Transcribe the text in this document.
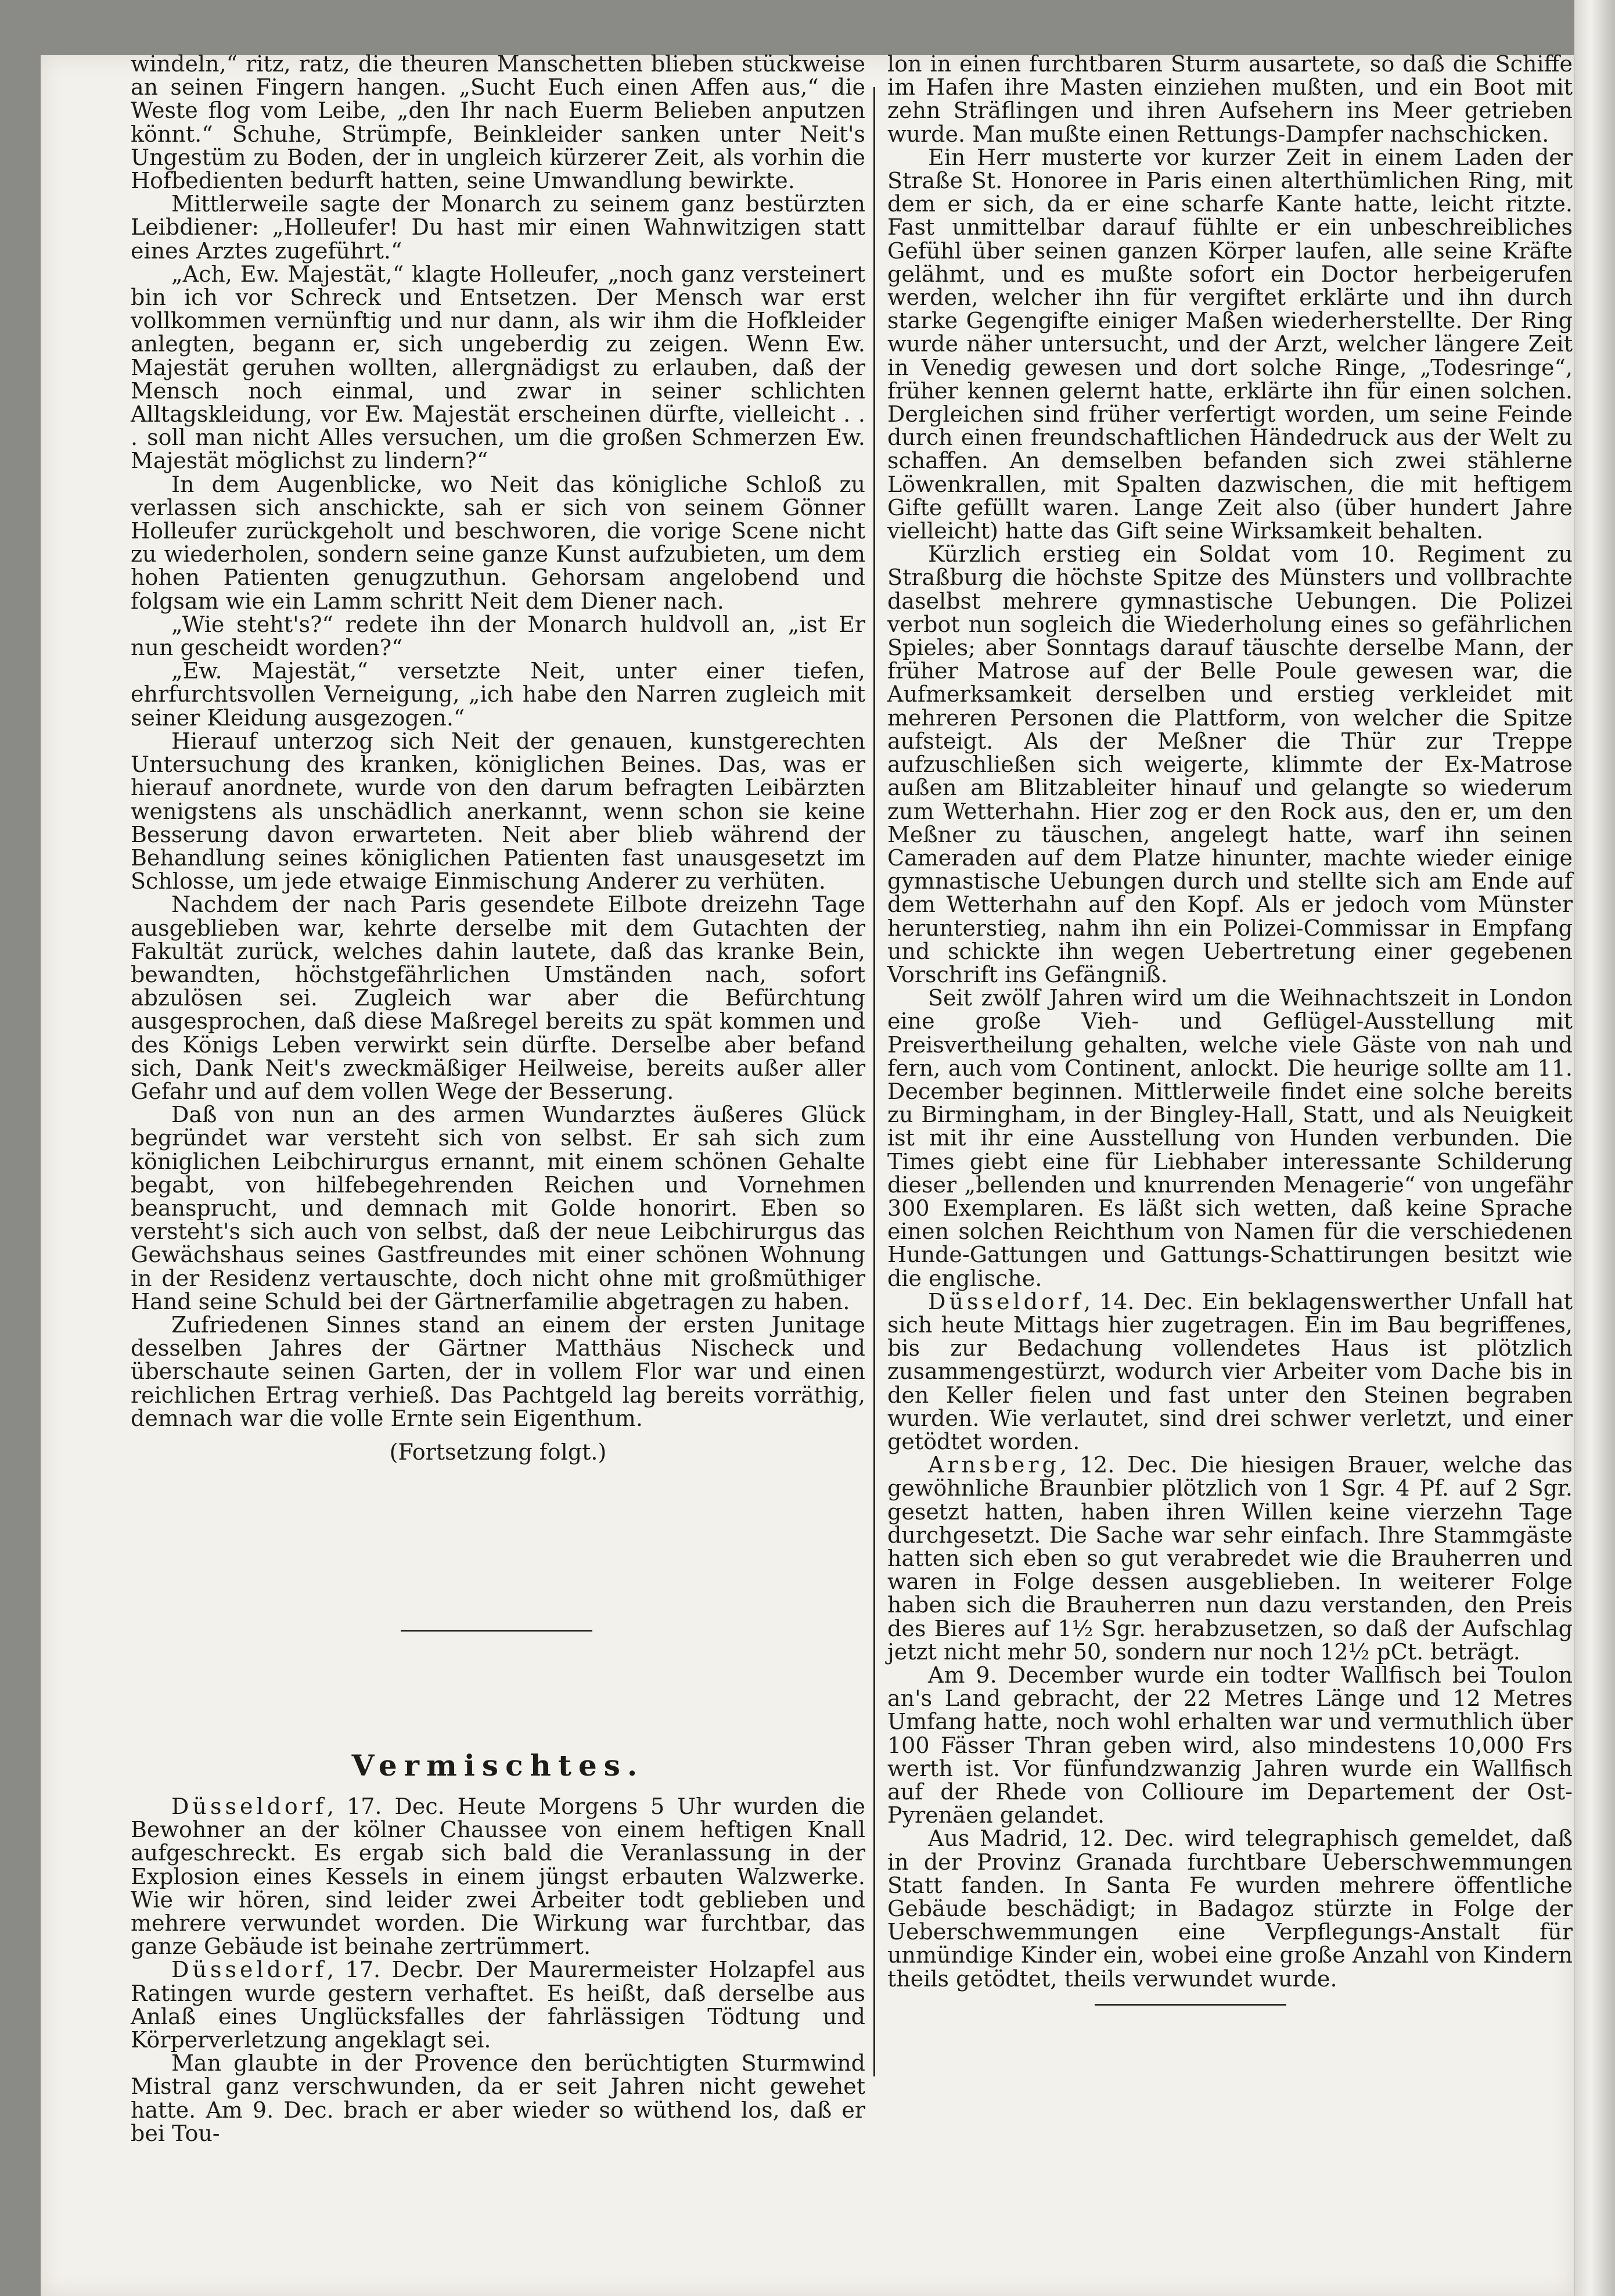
windeln,“ ritz, ratz, die theuren Manschetten blieben stückweise an seinen Fingern hangen. „Sucht Euch einen Affen aus,“ die Weste flog vom Leibe, „den Ihr nach Euerm Belieben anputzen könnt.“ Schuhe, Strümpfe, Beinkleider sanken unter Neit's Ungestüm zu Boden, der in ungleich kürzerer Zeit, als vorhin die Hofbedienten bedurft hatten, seine Umwandlung bewirkte.

Mittlerweile sagte der Monarch zu seinem ganz bestürzten Leibdiener: „Holleufer! Du hast mir einen Wahnwitzigen statt eines Arztes zugeführt.“

„Ach, Ew. Majestät,“ klagte Holleufer, „noch ganz versteinert bin ich vor Schreck und Entsetzen. Der Mensch war erst vollkommen vernünftig und nur dann, als wir ihm die Hofkleider anlegten, begann er, sich ungeberdig zu zeigen. Wenn Ew. Majestät geruhen wollten, allergnädigst zu erlauben, daß der Mensch noch einmal, und zwar in seiner schlichten Alltagskleidung, vor Ew. Majestät erscheinen dürfte, vielleicht . . . soll man nicht Alles versuchen, um die großen Schmerzen Ew. Majestät möglichst zu lindern?“

In dem Augenblicke, wo Neit das königliche Schloß zu verlassen sich anschickte, sah er sich von seinem Gönner Holleufer zurückgeholt und beschworen, die vorige Scene nicht zu wiederholen, sondern seine ganze Kunst aufzubieten, um dem hohen Patienten genugzuthun. Gehorsam angelobend und folgsam wie ein Lamm schritt Neit dem Diener nach.

„Wie steht's?“ redete ihn der Monarch huldvoll an, „ist Er nun gescheidt worden?“

„Ew. Majestät,“ versetzte Neit, unter einer tiefen, ehrfurchtsvollen Verneigung, „ich habe den Narren zugleich mit seiner Kleidung ausgezogen.“

Hierauf unterzog sich Neit der genauen, kunstgerechten Untersuchung des kranken, königlichen Beines. Das, was er hierauf anordnete, wurde von den darum befragten Leibärzten wenigstens als unschädlich anerkannt, wenn schon sie keine Besserung davon erwarteten. Neit aber blieb während der Behandlung seines königlichen Patienten fast unausgesetzt im Schlosse, um jede etwaige Einmischung Anderer zu verhüten.

Nachdem der nach Paris gesendete Eilbote dreizehn Tage ausgeblieben war, kehrte derselbe mit dem Gutachten der Fakultät zurück, welches dahin lautete, daß das kranke Bein, bewandten, höchstgefährlichen Umständen nach, sofort abzulösen sei. Zugleich war aber die Befürchtung ausgesprochen, daß diese Maßregel bereits zu spät kommen und des Königs Leben verwirkt sein dürfte. Derselbe aber befand sich, Dank Neit's zweckmäßiger Heilweise, bereits außer aller Gefahr und auf dem vollen Wege der Besserung.

Daß von nun an des armen Wundarztes äußeres Glück begründet war versteht sich von selbst. Er sah sich zum königlichen Leibchirurgus ernannt, mit einem schönen Gehalte begabt, von hilfebegehrenden Reichen und Vornehmen beansprucht, und demnach mit Golde honorirt. Eben so versteht's sich auch von selbst, daß der neue Leibchirurgus das Gewächshaus seines Gastfreundes mit einer schönen Wohnung in der Residenz vertauschte, doch nicht ohne mit großmüthiger Hand seine Schuld bei der Gärtnerfamilie abgetragen zu haben.

Zufriedenen Sinnes stand an einem der ersten Junitage desselben Jahres der Gärtner Matthäus Nischeck und überschaute seinen Garten, der in vollem Flor war und einen reichlichen Ertrag verhieß. Das Pachtgeld lag bereits vorräthig, demnach war die volle Ernte sein Eigenthum.

(Fortsetzung folgt.)

Vermischtes.

Düsseldorf, 17. Dec. Heute Morgens 5 Uhr wurden die Bewohner an der kölner Chaussee von einem heftigen Knall aufgeschreckt. Es ergab sich bald die Veranlassung in der Explosion eines Kessels in einem jüngst erbauten Walzwerke. Wie wir hören, sind leider zwei Arbeiter todt geblieben und mehrere verwundet worden. Die Wirkung war furchtbar, das ganze Gebäude ist beinahe zertrümmert.

Düsseldorf, 17. Decbr. Der Maurermeister Holzapfel aus Ratingen wurde gestern verhaftet. Es heißt, daß derselbe aus Anlaß eines Unglücksfalles der fahrlässigen Tödtung und Körperverletzung angeklagt sei.

Man glaubte in der Provence den berüchtigten Sturmwind Mistral ganz verschwunden, da er seit Jahren nicht gewehet hatte. Am 9. Dec. brach er aber wieder so wüthend los, daß er bei Tou-

lon in einen furchtbaren Sturm ausartete, so daß die Schiffe im Hafen ihre Masten einziehen mußten, und ein Boot mit zehn Sträflingen und ihren Aufsehern ins Meer getrieben wurde. Man mußte einen Rettungs-Dampfer nachschicken.

Ein Herr musterte vor kurzer Zeit in einem Laden der Straße St. Honoree in Paris einen alterthümlichen Ring, mit dem er sich, da er eine scharfe Kante hatte, leicht ritzte. Fast unmittelbar darauf fühlte er ein unbeschreibliches Gefühl über seinen ganzen Körper laufen, alle seine Kräfte gelähmt, und es mußte sofort ein Doctor herbeigerufen werden, welcher ihn für vergiftet erklärte und ihn durch starke Gegengifte einiger Maßen wiederherstellte. Der Ring wurde näher untersucht, und der Arzt, welcher längere Zeit in Venedig gewesen und dort solche Ringe, „Todesringe“, früher kennen gelernt hatte, erklärte ihn für einen solchen. Dergleichen sind früher verfertigt worden, um seine Feinde durch einen freundschaftlichen Händedruck aus der Welt zu schaffen. An demselben befanden sich zwei stählerne Löwenkrallen, mit Spalten dazwischen, die mit heftigem Gifte gefüllt waren. Lange Zeit also (über hundert Jahre vielleicht) hatte das Gift seine Wirksamkeit behalten.

Kürzlich erstieg ein Soldat vom 10. Regiment zu Straßburg die höchste Spitze des Münsters und vollbrachte daselbst mehrere gymnastische Uebungen. Die Polizei verbot nun sogleich die Wiederholung eines so gefährlichen Spieles; aber Sonntags darauf täuschte derselbe Mann, der früher Matrose auf der Belle Poule gewesen war, die Aufmerksamkeit derselben und erstieg verkleidet mit mehreren Personen die Plattform, von welcher die Spitze aufsteigt. Als der Meßner die Thür zur Treppe aufzuschließen sich weigerte, klimmte der Ex-Matrose außen am Blitzableiter hinauf und gelangte so wiederum zum Wetterhahn. Hier zog er den Rock aus, den er, um den Meßner zu täuschen, angelegt hatte, warf ihn seinen Cameraden auf dem Platze hinunter, machte wieder einige gymnastische Uebungen durch und stellte sich am Ende auf dem Wetterhahn auf den Kopf. Als er jedoch vom Münster herunterstieg, nahm ihn ein Polizei-Commissar in Empfang und schickte ihn wegen Uebertretung einer gegebenen Vorschrift ins Gefängniß.

Seit zwölf Jahren wird um die Weihnachtszeit in London eine große Vieh- und Geflügel-Ausstellung mit Preisvertheilung gehalten, welche viele Gäste von nah und fern, auch vom Continent, anlockt. Die heurige sollte am 11. December beginnen. Mittlerweile findet eine solche bereits zu Birmingham, in der Bingley-Hall, Statt, und als Neuigkeit ist mit ihr eine Ausstellung von Hunden verbunden. Die Times giebt eine für Liebhaber interessante Schilderung dieser „bellenden und knurrenden Menagerie“ von ungefähr 300 Exemplaren. Es läßt sich wetten, daß keine Sprache einen solchen Reichthum von Namen für die verschiedenen Hunde-Gattungen und Gattungs-Schattirungen besitzt wie die englische.

Düsseldorf, 14. Dec. Ein beklagenswerther Unfall hat sich heute Mittags hier zugetragen. Ein im Bau begriffenes, bis zur Bedachung vollendetes Haus ist plötzlich zusammengestürzt, wodurch vier Arbeiter vom Dache bis in den Keller fielen und fast unter den Steinen begraben wurden. Wie verlautet, sind drei schwer verletzt, und einer getödtet worden.

Arnsberg, 12. Dec. Die hiesigen Brauer, welche das gewöhnliche Braunbier plötzlich von 1 Sgr. 4 Pf. auf 2 Sgr. gesetzt hatten, haben ihren Willen keine vierzehn Tage durchgesetzt. Die Sache war sehr einfach. Ihre Stammgäste hatten sich eben so gut verabredet wie die Brauherren und waren in Folge dessen ausgeblieben. In weiterer Folge haben sich die Brauherren nun dazu verstanden, den Preis des Bieres auf 1½ Sgr. herabzusetzen, so daß der Aufschlag jetzt nicht mehr 50, sondern nur noch 12½ pCt. beträgt.

Am 9. December wurde ein todter Wallfisch bei Toulon an's Land gebracht, der 22 Metres Länge und 12 Metres Umfang hatte, noch wohl erhalten war und vermuthlich über 100 Fässer Thran geben wird, also mindestens 10,000 Frs werth ist. Vor fünfundzwanzig Jahren wurde ein Wallfisch auf der Rhede von Collioure im Departement der Ost-Pyrenäen gelandet.

Aus Madrid, 12. Dec. wird telegraphisch gemeldet, daß in der Provinz Granada furchtbare Ueberschwemmungen Statt fanden. In Santa Fe wurden mehrere öffentliche Gebäude beschädigt; in Badagoz stürzte in Folge der Ueberschwemmungen eine Verpflegungs-Anstalt für unmündige Kinder ein, wobei eine große Anzahl von Kindern theils getödtet, theils verwundet wurde.
